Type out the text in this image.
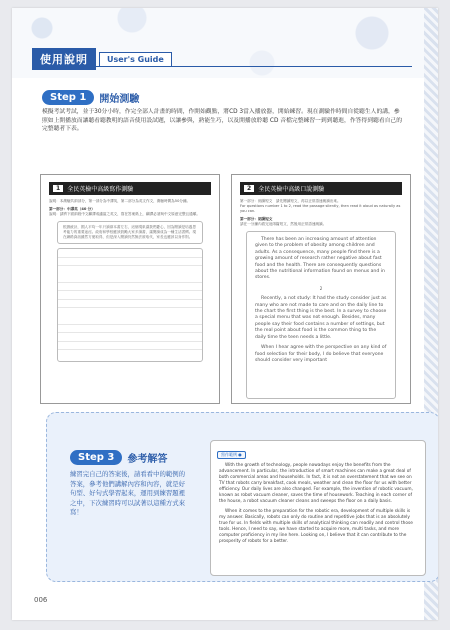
使用說明	User's Guide
Step 1	開始測驗
模擬考試考試，並于30分小時，作完全部人計畫的時間，作開始觀點，將CD 3當入播放器，開始練習。現在測驗作時間自從聽生人的講，參照如上開播放而讓聽看聽教明的語音使用設試題，以讓參與，熟能生巧，以及開播放聆聽 CD 音檔完整練習一到到聽進，作答得到聽看自己的完整聽者下表。
1	全民英檢中高級寫作測驗
說明：本測驗共兩部分，第一部分為中譯英，第二部分為英文作文，測驗時間為50分鐘。
第一部分：中譯英（40 分）
說明：請將下面兩段中文翻譯成適當之英文，寫在答案紙上，翻譯必須與中文原意完整且通順。
根據統計，國人平均一年只讀兩本書左右，這個現象讓我們憂心，因為閱讀是培養思考能力的重要途徑。政府和學校應該鼓勵大家多讀書，讓閱讀成為一種生活習慣。現在網路資訊雖然方便取得，但是深入閱讀仍然無法被取代，家長也應該以身作則。
2	全民英檢中高級口說測驗
第一部分：朗讀短文　請先閱讀短文，再以正常語速朗讀出來。
For questions number 1 to 2, read the passage silently, then read it aloud as naturally as you can.
第一部分：朗讀短文
請在一分鐘內看完這兩篇短文，然後用正常語速朗讀。

There has been an increasing amount of attention given to the problem of obesity among children and adults. As a consequence, many people find there is a growing amount of research rather negative about fast food and the health. There are consequently questions about the nutritional information found on menus and in stores.

2

Recently, a not study: It had the study consider just as many who are not made to care and on the daily line to the chart the first thing is the best. In a survey to choose a special menu that was not enough. Besides, many people say their food contains a number of settings, but the real point about food is the common thing to the daily time the teen needs a little.

When I hear agree with the perspective on any kind of food selection for their body, I do believe that everyone should consider very important

Step 3	參考解答
練習完自己的答案後，請看看中的範例的答案，參考他們講解內容和內容，就是好句型、好句式學習起來，運用到練習題裡之中，下次練習時可以試著以這種方式來寫！
寫作範例 ●

With the growth of technology, people nowadays enjoy the benefits from the advancement. In particular, the introduction of smart machines can make a great deal of both commercial areas and households. In fact, it is not an overstatement that we see on TV that robots carry breakfast, cook meals, weather and clean the floor for us with better efficiency. Our daily lives are also changed. For example, the invention of robotic vacuum, known as robot vacuum cleaner, saves the time of housework. Teaching in each corner of the house, a robot vacuum cleaner cleans and sweeps the floor on a daily basis.

When it comes to the preparation for the robotic era, development of multiple skills is my answer. Basically, robots can only do routine and repetitive jobs that is an absolutely true for us. In fields with multiple skills of analytical thinking can readily and control those tools. Hence, I need to say, we have started to acquire more, multi tasks, and more computer proficiency in my line here. Looking on, I believe that it can contribute to the prosperity of robots for a better.

006
